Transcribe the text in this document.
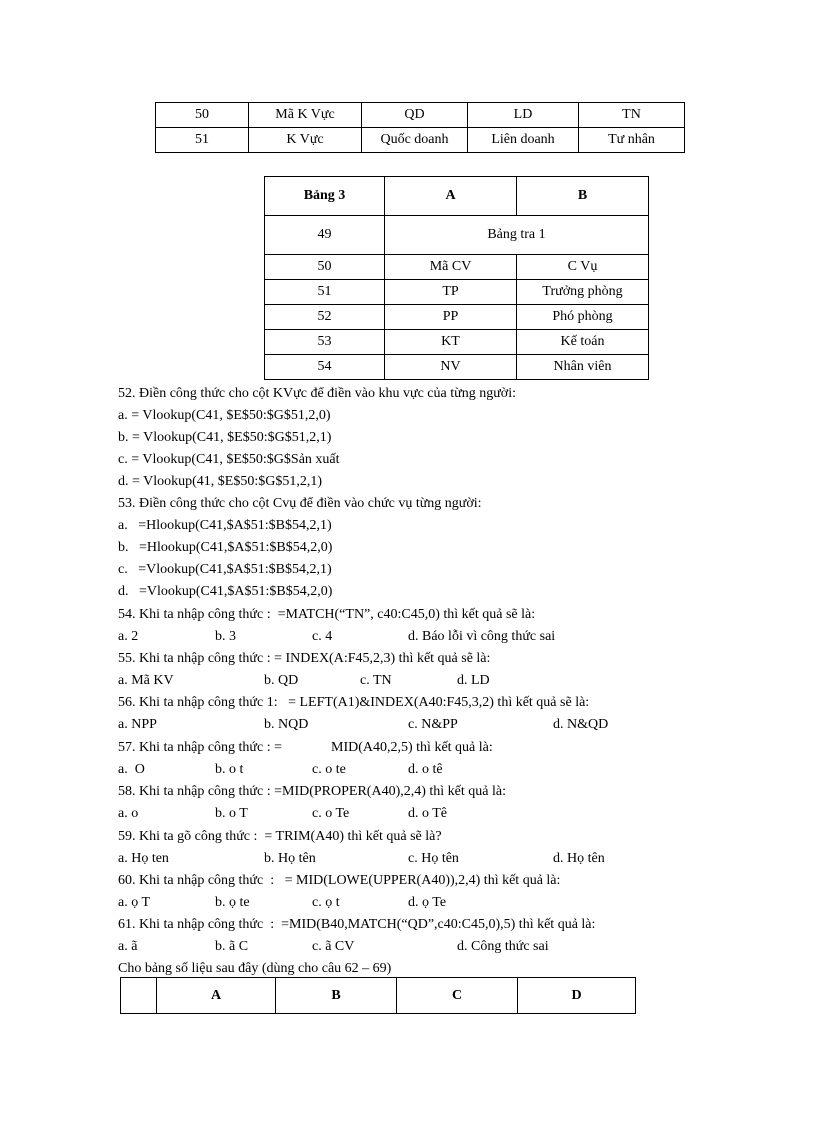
50	Mã K Vực	QD	LD	TN
51	K Vực	Quốc doanh	Liên doanh	Tư nhân
Bảng 3	A	B
49	Bảng tra 1	
50	Mã CV	C Vụ
51	TP	Trưởng phòng
52	PP	Phó phòng
53	KT	Kế toán
54	NV	Nhân viên
52. Điền công thức cho cột KVực để điền vào khu vực của từng người:
a. = Vlookup(C41, $E$50:$G$51,2,0)
b. = Vlookup(C41, $E$50:$G$51,2,1)
c. = Vlookup(C41, $E$50:$G$Sản xuất
d. = Vlookup(41, $E$50:$G$51,2,1)
53. Điền công thức cho cột Cvụ để điền vào chức vụ từng người:
a.   =Hlookup(C41,$A$51:$B$54,2,1)
b.   =Hlookup(C41,$A$51:$B$54,2,0)
c.   =Vlookup(C41,$A$51:$B$54,2,1)
d.   =Vlookup(C41,$A$51:$B$54,2,0)
54. Khi ta nhập công thức :  =MATCH(“TN”, c40:C45,0) thì kết quả sẽ là:
a. 2	b. 3	c. 4	d. Báo lỗi vì công thức sai
55. Khi ta nhập công thức : = INDEX(A:F45,2,3) thì kết quả sẽ là:
a. Mã KV	b. QD	c. TN	d. LD
56. Khi ta nhập công thức 1:   = LEFT(A1)&INDEX(A40:F45,3,2) thì kết quả sẽ là:
a. NPP	b. NQD	c. N&PP	d. N&QD
57. Khi ta nhập công thức : =              MID(A40,2,5) thì kết quả là:
a.  O	b. o t	c. o te	d. o tê
58. Khi ta nhập công thức : =MID(PROPER(A40),2,4) thì kết quả là:
a. o	b. o T	c. o Te	d. o Tê
59. Khi ta gõ công thức :  = TRIM(A40) thì kết quả sẽ là?
a. Họ ten	b. Họ tên	c. Họ tên	d. Họ tên
60. Khi ta nhập công thức  :   = MID(LOWE(UPPER(A40)),2,4) thì kết quả là:
a. ọ T	b. ọ te	c. ọ t	d. ọ Te
61. Khi ta nhập công thức  :  =MID(B40,MATCH(“QD”,c40:C45,0),5) thì kết quả là:
a. ã	b. ã C	c. ã CV	d. Công thức sai
Cho bảng số liệu sau đây (dùng cho câu 62 – 69)
	A	B	C	D
